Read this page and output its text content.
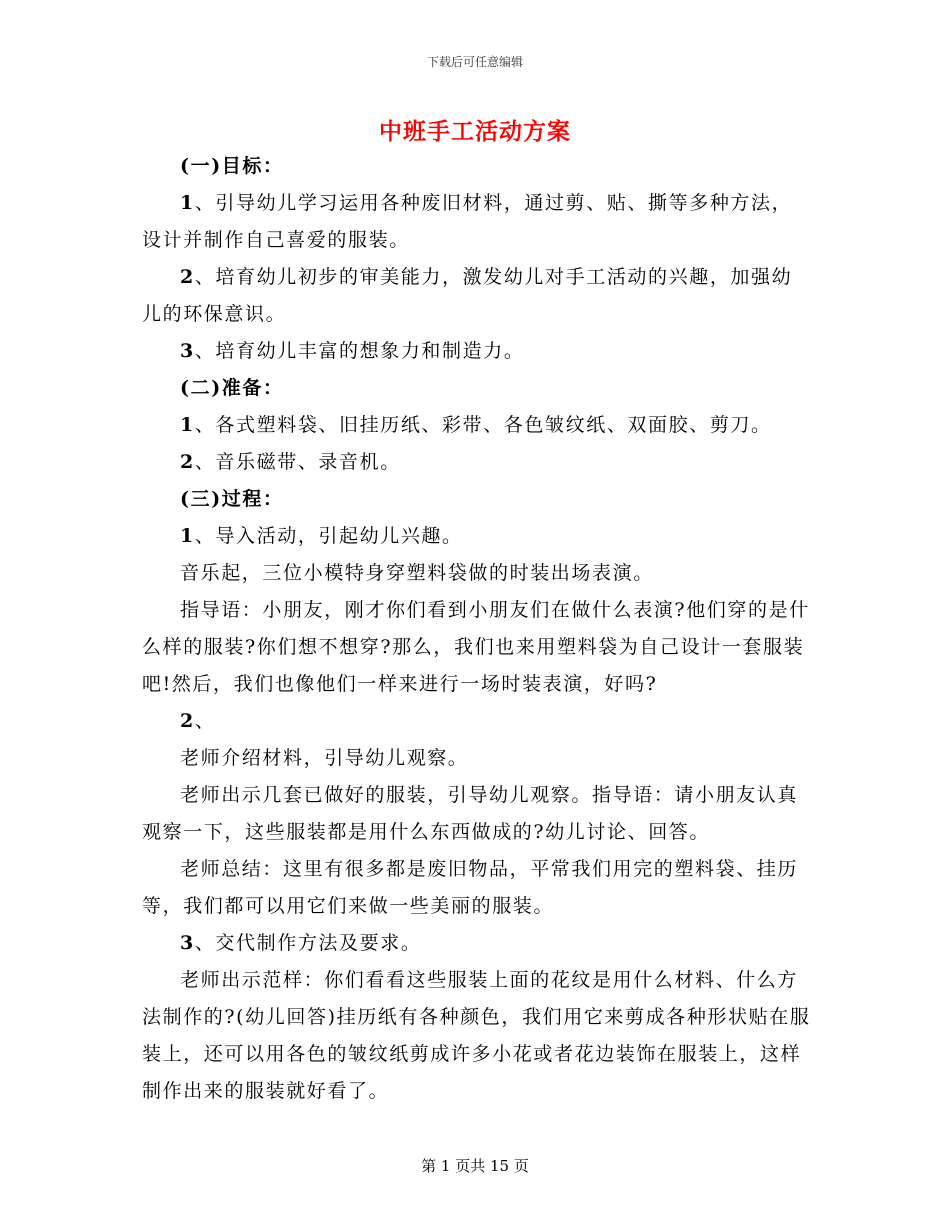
下载后可任意编辑
中班手工活动方案

(一)目标：

1、引导幼儿学习运用各种废旧材料，通过剪、贴、撕等多种方法，设计并制作自己喜爱的服装。

2、培育幼儿初步的审美能力，激发幼儿对手工活动的兴趣，加强幼儿的环保意识。

3、培育幼儿丰富的想象力和制造力。

(二)准备：

1、各式塑料袋、旧挂历纸、彩带、各色皱纹纸、双面胶、剪刀。

2、音乐磁带、录音机。

(三)过程：

1、导入活动，引起幼儿兴趣。

音乐起，三位小模特身穿塑料袋做的时装出场表演。

指导语：小朋友，刚才你们看到小朋友们在做什么表演?他们穿的是什么样的服装?你们想不想穿?那么，我们也来用塑料袋为自己设计一套服装吧!然后，我们也像他们一样来进行一场时装表演，好吗?

2、

老师介绍材料，引导幼儿观察。

老师出示几套已做好的服装，引导幼儿观察。指导语：请小朋友认真观察一下，这些服装都是用什么东西做成的?幼儿讨论、回答。

老师总结：这里有很多都是废旧物品，平常我们用完的塑料袋、挂历等，我们都可以用它们来做一些美丽的服装。

3、交代制作方法及要求。

老师出示范样：你们看看这些服装上面的花纹是用什么材料、什么方法制作的?(幼儿回答)挂历纸有各种颜色，我们用它来剪成各种形状贴在服装上，还可以用各色的皱纹纸剪成许多小花或者花边装饰在服装上，这样制作出来的服装就好看了。

第 1 页共 15 页
